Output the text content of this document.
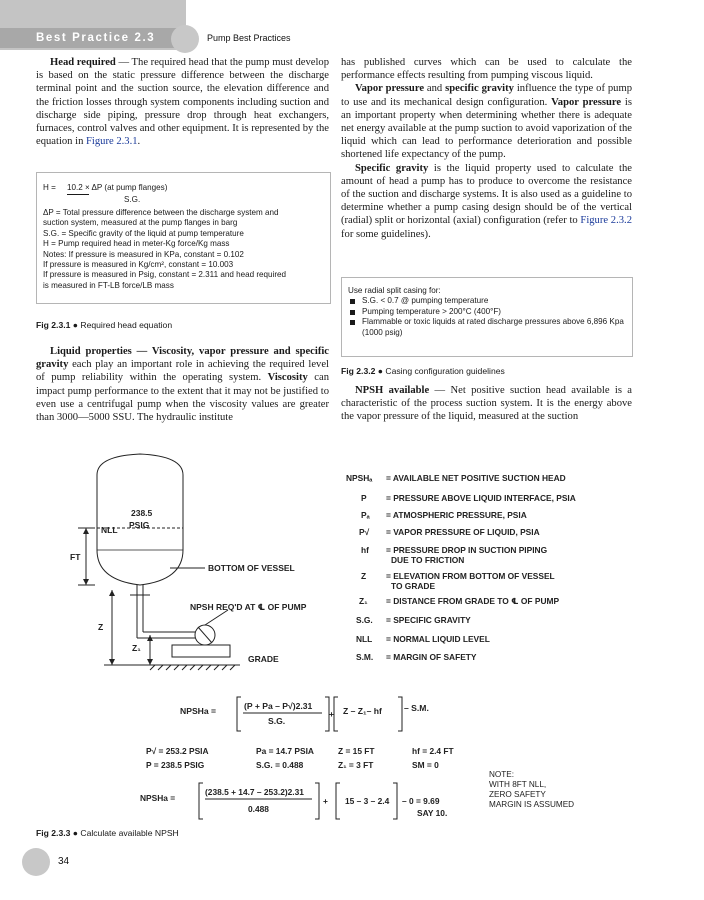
Best Practice 2.3	Pump Best Practices

Head required — The required head that the pump must develop is based on the static pressure difference between the discharge terminal point and the suction source, the elevation difference and the friction losses through system components including suction and discharge side piping, pressure drop through heat exchangers, furnaces, control valves and other equipment. It is represented by the equation in Figure 2.3.1.

H = 10.2 × ΔP (at pump flanges)
S.G.
ΔP = Total pressure difference between the discharge system and
suction system, measured at the pump flanges in barg
S.G. = Specific gravity of the liquid at pump temperature
H = Pump required head in meter-Kg force/Kg mass
Notes: If pressure is measured in KPa, constant = 0.102
If pressure is measured in Kg/cm², constant = 10.003
If pressure is measured in Psig, constant = 2.311 and head required
is measured in FT-LB force/LB mass
Fig 2.3.1 ● Required head equation

Liquid properties — Viscosity, vapor pressure and specific gravity each play an important role in achieving the required level of pump reliability within the operating system. Viscosity can impact pump performance to the extent that it may not be justified to even use a centrifugal pump when the viscosity values are greater than 3000—5000 SSU. The hydraulic institute

has published curves which can be used to calculate the performance effects resulting from pumping viscous liquid.

Vapor pressure and specific gravity influence the type of pump to use and its mechanical design configuration. Vapor pressure is an important property when determining whether there is adequate net energy available at the pump suction to avoid vaporization of the liquid which can lead to performance deterioration and possible shortened life expectancy of the pump.

Specific gravity is the liquid property used to calculate the amount of head a pump has to produce to overcome the resistance of the suction and discharge systems. It is also used as a guideline to determine whether a pump casing design should be of the vertical (radial) split or horizontal (axial) configuration (refer to Figure 2.3.2 for some guidelines).

Use radial split casing for:
S.G. < 0.7 @ pumping temperature
Pumping temperature > 200°C (400°F)
Flammable or toxic liquids at rated discharge pressures above 6,896 Kpa (1000 psig)
Fig 2.3.2 ● Casing configuration guidelines

NPSH available — Net positive suction head available is a characteristic of the process suction system. It is the energy above the vapor pressure of the liquid, measured at the suction

238.5
PSIG
NLL
FT
BOTTOM OF VESSEL
NPSH REQ'D AT ℄ OF PUMP
Z
Z₁
GRADE
NPSHₐ = AVAILABLE NET POSITIVE SUCTION HEAD
P = PRESSURE ABOVE LIQUID INTERFACE, PSIA
Pₐ = ATMOSPHERIC PRESSURE, PSIA
P√ = VAPOR PRESSURE OF LIQUID, PSIA
hf = PRESSURE DROP IN SUCTION PIPING
DUE TO FRICTION
Z = ELEVATION FROM BOTTOM OF VESSEL
TO GRADE
Z₁ = DISTANCE FROM GRADE TO ℄ OF PUMP
S.G. = SPECIFIC GRAVITY
NLL = NORMAL LIQUID LEVEL
S.M. = MARGIN OF SAFETY
NPSHa =	(P + Pa – P√)2.31
S.G.
+ Z – Z₁– hf	– S.M.
P√ = 253.2 PSIA	Pa = 14.7 PSIA	Z = 15 FT	hf = 2.4 FT
P = 238.5 PSIG	S.G. = 0.488	Z₁ = 3 FT	SM = 0
NOTE:
WITH 8FT NLL,
ZERO SAFETY
MARGIN IS ASSUMED
NPSHa =
(238.5 + 14.7 – 253.2)2.31
0.488
+ 15 – 3 – 2.4 – 0 = 9.69
SAY 10.
Fig 2.3.3 ● Calculate available NPSH
34
